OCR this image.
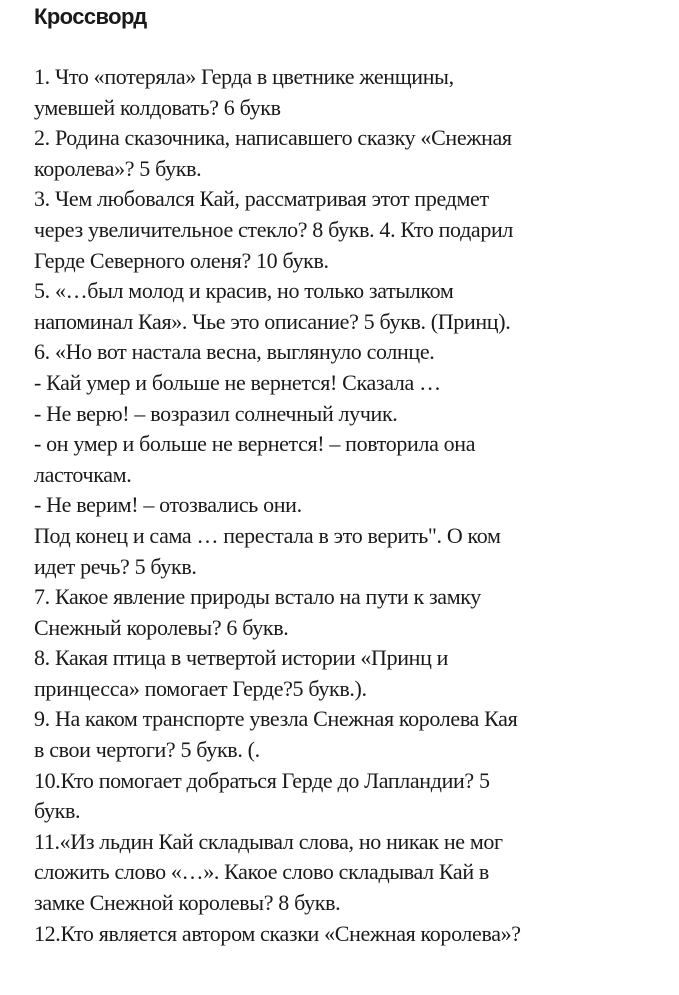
Кроссворд
1. Что «потеряла» Герда в цветнике женщины,
умевшей колдовать? 6 букв
2. Родина сказочника, написавшего сказку «Снежная
королева»? 5 букв.
3. Чем любовался Кай, рассматривая этот предмет
через увеличительное стекло? 8 букв. 4. Кто подарил
Герде Северного оленя? 10 букв.
5. «…был молод и красив, но только затылком
напоминал Кая». Чье это описание? 5 букв. (Принц).
6. «Но вот настала весна, выглянуло солнце.
- Кай умер и больше не вернется! Сказала …
- Не верю! – возразил солнечный лучик.
- он умер и больше не вернется! – повторила она
ласточкам.
- Не верим! – отозвались они.
Под конец и сама … перестала в это верить". О ком
идет речь? 5 букв.
7. Какое явление природы встало на пути к замку
Снежный королевы? 6 букв.
8. Какая птица в четвертой истории «Принц и
принцесса» помогает Герде?5 букв.).
9. На каком транспорте увезла Снежная королева Кая
в свои чертоги? 5 букв. (.
10.Кто помогает добраться Герде до Лапландии? 5
букв.
11.«Из льдин Кай складывал слова, но никак не мог
сложить слово «…». Какое слово складывал Кай в
замке Снежной королевы? 8 букв.
12.Кто является автором сказки «Снежная королева»?
